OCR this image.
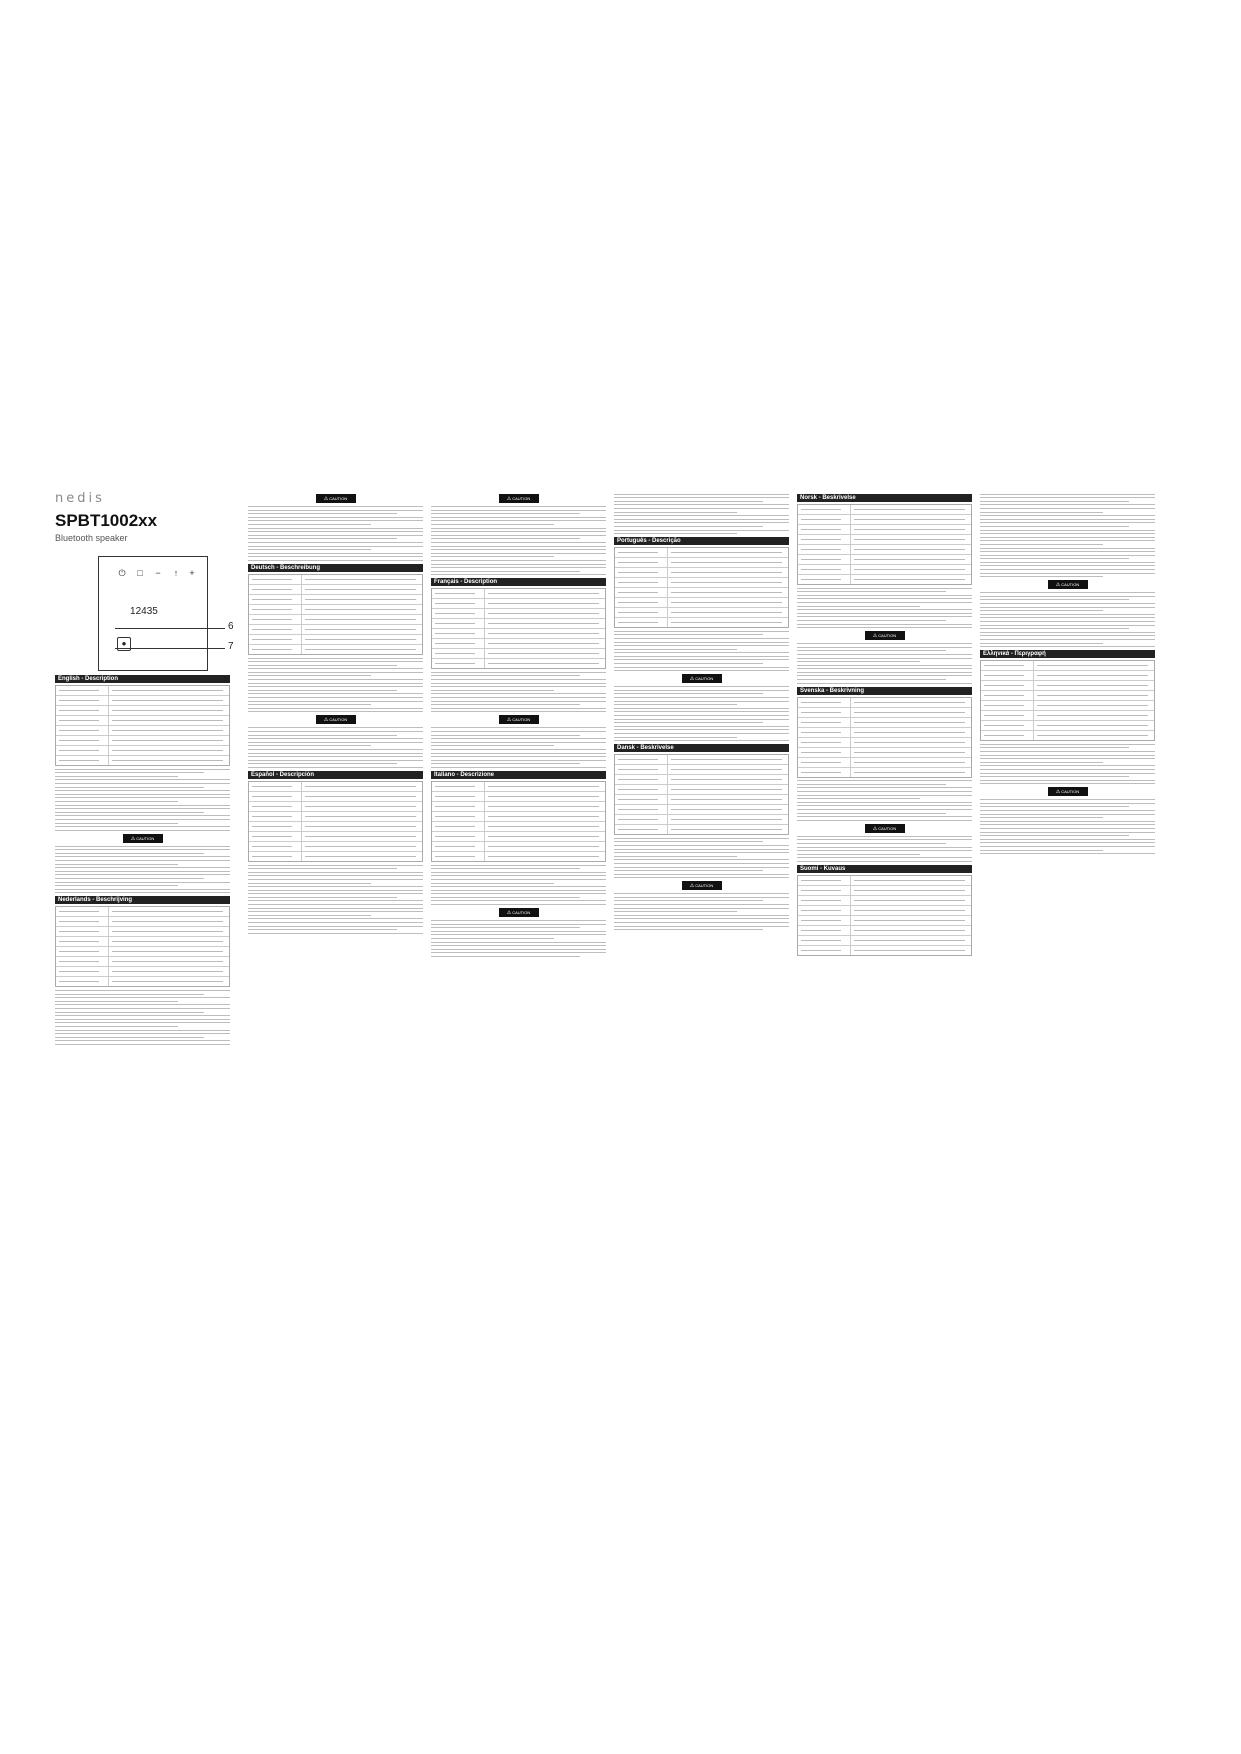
nedis
SPBT1002xx
Bluetooth speaker
⏻ □ −	↑	+
●
12435
6
7
English - Description
⚠ CAUTION
Nederlands - Beschrijving
⚠ CAUTION
Deutsch - Beschreibung
⚠ CAUTION
Español - Descripción
⚠ CAUTION
Français - Description
⚠ CAUTION
Italiano - Descrizione
⚠ CAUTION
Português - Descrição
⚠ CAUTION
Dansk - Beskrivelse
⚠ CAUTION
Norsk - Beskrivelse
⚠ CAUTION
Svenska - Beskrivning
⚠ CAUTION
Suomi - Kuvaus
⚠ CAUTION
Ελληνικά - Περιγραφή
⚠ CAUTION
